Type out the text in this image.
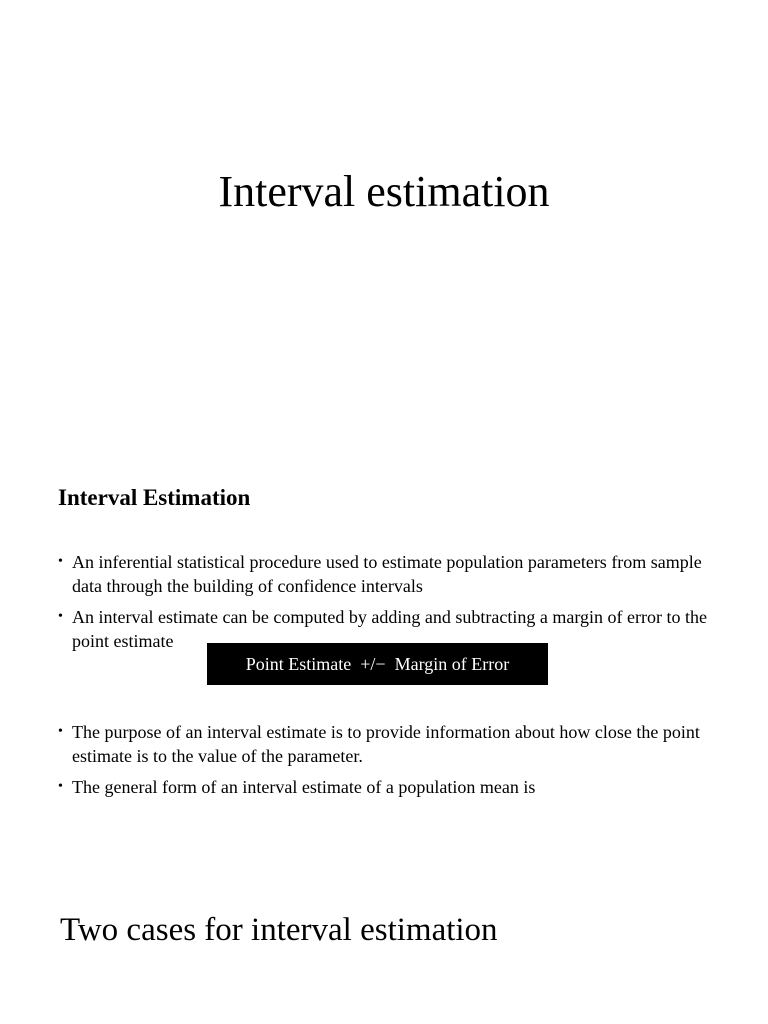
Interval estimation
Interval Estimation
• An inferential statistical procedure used to estimate population parameters from sample data through the building of confidence intervals
• An interval estimate can be computed by adding and subtracting a margin of error to the point estimate
Point Estimate  +/−  Margin of Error
• The purpose of an interval estimate is to provide information about how close the point estimate is to the value of the parameter.
• The general form of an interval estimate of a population mean is
Two cases for interval estimation
